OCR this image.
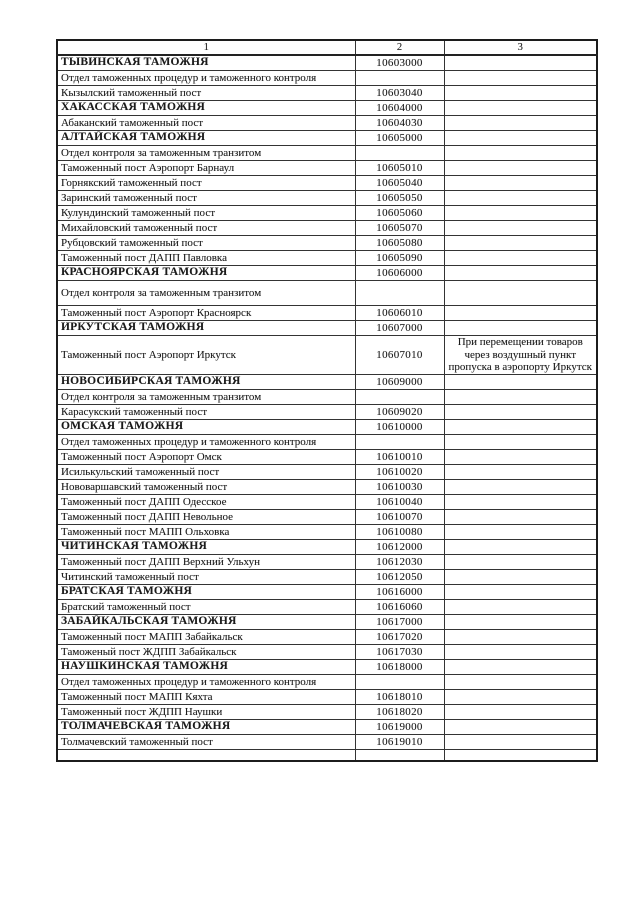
1	2	3
ТЫВИНСКАЯ ТАМОЖНЯ	10603000	
Отдел таможенных процедур и таможенного контроля		
Кызылский таможенный пост	10603040	
ХАКАССКАЯ ТАМОЖНЯ	10604000	
Абаканский таможенный пост	10604030	
АЛТАЙСКАЯ ТАМОЖНЯ	10605000	
Отдел контроля за таможенным транзитом		
Таможенный пост Аэропорт Барнаул	10605010	
Горнякский таможенный пост	10605040	
Заринский таможенный пост	10605050	
Кулундинский таможенный пост	10605060	
Михайловский таможенный пост	10605070	
Рубцовский таможенный пост	10605080	
Таможенный пост ДАПП Павловка	10605090	
КРАСНОЯРСКАЯ ТАМОЖНЯ	10606000	
Отдел контроля за таможенным транзитом		
Таможенный пост Аэропорт Красноярск	10606010	
ИРКУТСКАЯ ТАМОЖНЯ	10607000	
Таможенный пост Аэропорт Иркутск	10607010	При перемещении товаров через воздушный пункт пропуска в аэропорту Иркутск
НОВОСИБИРСКАЯ ТАМОЖНЯ	10609000	
Отдел контроля за таможенным транзитом		
Карасукский таможенный пост	10609020	
ОМСКАЯ ТАМОЖНЯ	10610000	
Отдел таможенных процедур и таможенного контроля		
Таможенный пост Аэропорт Омск	10610010	
Исилькульский таможенный пост	10610020	
Нововаршавский таможенный пост	10610030	
Таможенный пост ДАПП Одесское	10610040	
Таможенный пост ДАПП Невольное	10610070	
Таможенный пост МАПП Ольховка	10610080	
ЧИТИНСКАЯ ТАМОЖНЯ	10612000	
Таможенный пост ДАПП Верхний Ульхун	10612030	
Читинский таможенный пост	10612050	
БРАТСКАЯ ТАМОЖНЯ	10616000	
Братский таможенный пост	10616060	
ЗАБАЙКАЛЬСКАЯ ТАМОЖНЯ	10617000	
Таможенный пост МАПП Забайкальск	10617020	
Таможеный пост ЖДПП Забайкальск	10617030	
НАУШКИНСКАЯ ТАМОЖНЯ	10618000	
Отдел таможенных процедур и таможенного контроля		
Таможенный пост МАПП Кяхта	10618010	
Таможенный пост ЖДПП Наушки	10618020	
ТОЛМАЧЕВСКАЯ ТАМОЖНЯ	10619000	
Толмачевский таможенный пост	10619010	
